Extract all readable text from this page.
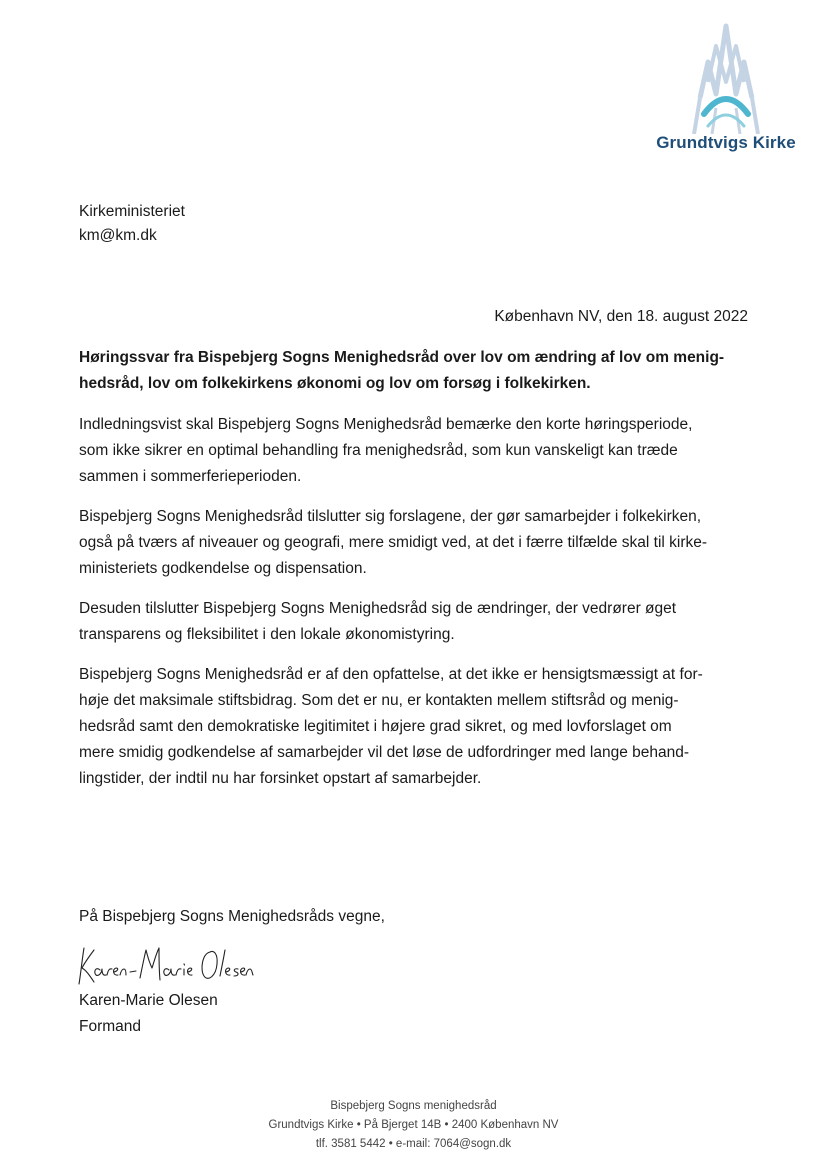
Grundtvigs Kirke
Kirkeministeriet
km@km.dk
København NV, den 18. august 2022

Høringssvar fra Bispebjerg Sogns Menighedsråd over lov om ændring af lov om menig-
hedsråd, lov om folkekirkens økonomi og lov om forsøg i folkekirken.

Indledningsvist skal Bispebjerg Sogns Menighedsråd bemærke den korte høringsperiode,
som ikke sikrer en optimal behandling fra menighedsråd, som kun vanskeligt kan træde
sammen i sommerferieperioden.

Bispebjerg Sogns Menighedsråd tilslutter sig forslagene, der gør samarbejder i folkekirken,
også på tværs af niveauer og geografi, mere smidigt ved, at det i færre tilfælde skal til kirke-
ministeriets godkendelse og dispensation.

Desuden tilslutter Bispebjerg Sogns Menighedsråd sig de ændringer, der vedrører øget
transparens og fleksibilitet i den lokale økonomistyring.

Bispebjerg Sogns Menighedsråd er af den opfattelse, at det ikke er hensigtsmæssigt at for-
høje det maksimale stiftsbidrag. Som det er nu, er kontakten mellem stiftsråd og menig-
hedsråd samt den demokratiske legitimitet i højere grad sikret, og med lovforslaget om
mere smidig godkendelse af samarbejder vil det løse de udfordringer med lange behand-
lingstider, der indtil nu har forsinket opstart af samarbejder.

På Bispebjerg Sogns Menighedsråds vegne,
Karen-Marie Olesen
Formand
Bispebjerg Sogns menighedsråd
Grundtvigs Kirke • På Bjerget 14B • 2400 København NV
tlf. 3581 5442 • e-mail: 7064@sogn.dk
